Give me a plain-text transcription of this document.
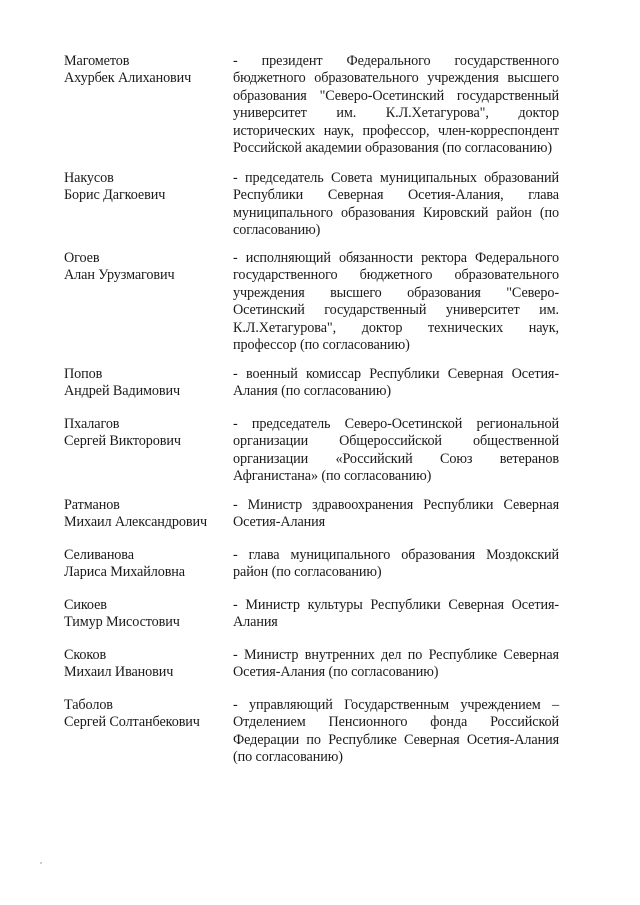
Магометов
Ахурбек Алиханович
- президент Федерального государственного бюджетного образовательного учреждения высшего образования "Северо-Осетинский государственный университет им. К.Л.Хетагурова", доктор исторических наук, профессор, член-корреспондент Российской академии образования (по согласованию)
Накусов
Борис Дагкоевич
- председатель Совета муниципальных образований Республики Северная Осетия-Алания, глава муниципального образования Кировский район (по согласованию)
Огоев
Алан Урузмагович
- исполняющий обязанности ректора Федерального государственного бюджетного образовательного учреждения высшего образования "Северо-Осетинский государственный университет им. К.Л.Хетагурова", доктор технических наук, профессор (по согласованию)
Попов
Андрей Вадимович
- военный комиссар Республики Северная Осетия-Алания (по согласованию)
Пхалагов
Сергей Викторович
- председатель Северо-Осетинской региональной организации Общероссийской общественной организации «Российский Союз ветеранов Афганистана» (по согласованию)
Ратманов
Михаил Александрович
- Министр здравоохранения Республики Северная Осетия-Алания
Селиванова
Лариса Михайловна
- глава муниципального образования Моздокский район (по согласованию)
Сикоев
Тимур Мисостович
- Министр культуры Республики Северная Осетия-Алания
Скоков
Михаил Иванович
- Министр внутренних дел по Республике Северная Осетия-Алания (по согласованию)
Таболов
Сергей Солтанбекович
- управляющий Государственным учреждением – Отделением Пенсионного фонда Российской Федерации по Республике Северная Осетия-Алания (по согласованию)
